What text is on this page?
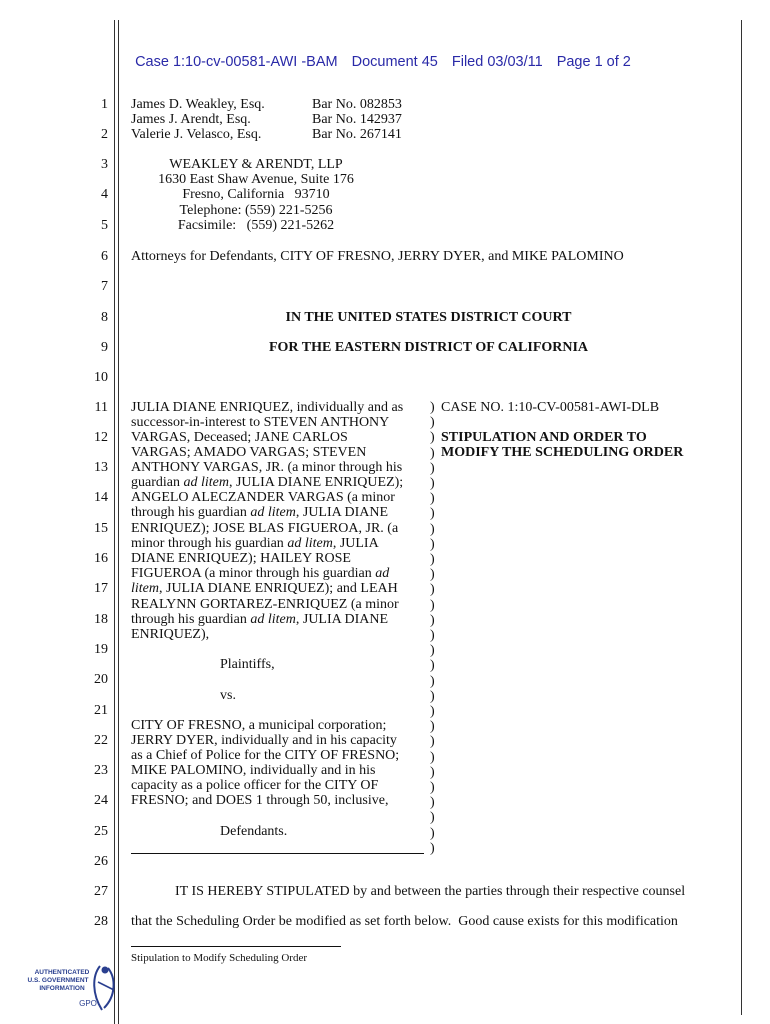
Case 1:10-cv-00581-AWI -BAM Document 45 Filed 03/03/11 Page 1 of 2

1
2
3
4
5
6
7
8
9
10
11
12
13
14
15
16
17
18
19
20
21
22
23
24
25
26
27
28
James D. Weakley, Esq.	Bar No. 082853
James J. Arendt, Esq.	Bar No. 142937
Valerie J. Velasco, Esq.	Bar No. 267141
WEAKLEY & ARENDT, LLP
1630 East Shaw Avenue, Suite 176
Fresno, California   93710
Telephone: (559) 221-5256
Facsimile:   (559) 221-5262
Attorneys for Defendants, CITY OF FRESNO, JERRY DYER, and MIKE PALOMINO
IN THE UNITED STATES DISTRICT COURT
FOR THE EASTERN DISTRICT OF CALIFORNIA
JULIA DIANE ENRIQUEZ, individually and as
successor-in-interest to STEVEN ANTHONY
VARGAS, Deceased; JANE CARLOS
VARGAS; AMADO VARGAS; STEVEN
ANTHONY VARGAS, JR. (a minor through his
guardian ad litem, JULIA DIANE ENRIQUEZ);
ANGELO ALECZANDER VARGAS (a minor
through his guardian ad litem, JULIA DIANE
ENRIQUEZ); JOSE BLAS FIGUEROA, JR. (a
minor through his guardian ad litem, JULIA
DIANE ENRIQUEZ); HAILEY ROSE
FIGUEROA (a minor through his guardian ad
litem, JULIA DIANE ENRIQUEZ); and LEAH
REALYNN GORTAREZ-ENRIQUEZ (a minor
through his guardian ad litem, JULIA DIANE
ENRIQUEZ),
Plaintiffs,
vs.
CITY OF FRESNO, a municipal corporation;
JERRY DYER, individually and in his capacity
as a Chief of Police for the CITY OF FRESNO;
MIKE PALOMINO, individually and in his
capacity as a police officer for the CITY OF
FRESNO; and DOES 1 through 50, inclusive,
Defendants.
)
)
)
)
)
)
)
)
)
)
)
)
)
)
)
)
)
)
)
)
)
)
)
)
)
)
)
)
)
)
CASE NO. 1:10-CV-00581-AWI-DLB
STIPULATION AND ORDER TO
MODIFY THE SCHEDULING ORDER
IT IS HEREBY STIPULATED by and between the parties through their respective counsel
that the Scheduling Order be modified as set forth below.  Good cause exists for this modification
Stipulation to Modify Scheduling Order
AUTHENTICATED
U.S. GOVERNMENT
INFORMATION
GPO
